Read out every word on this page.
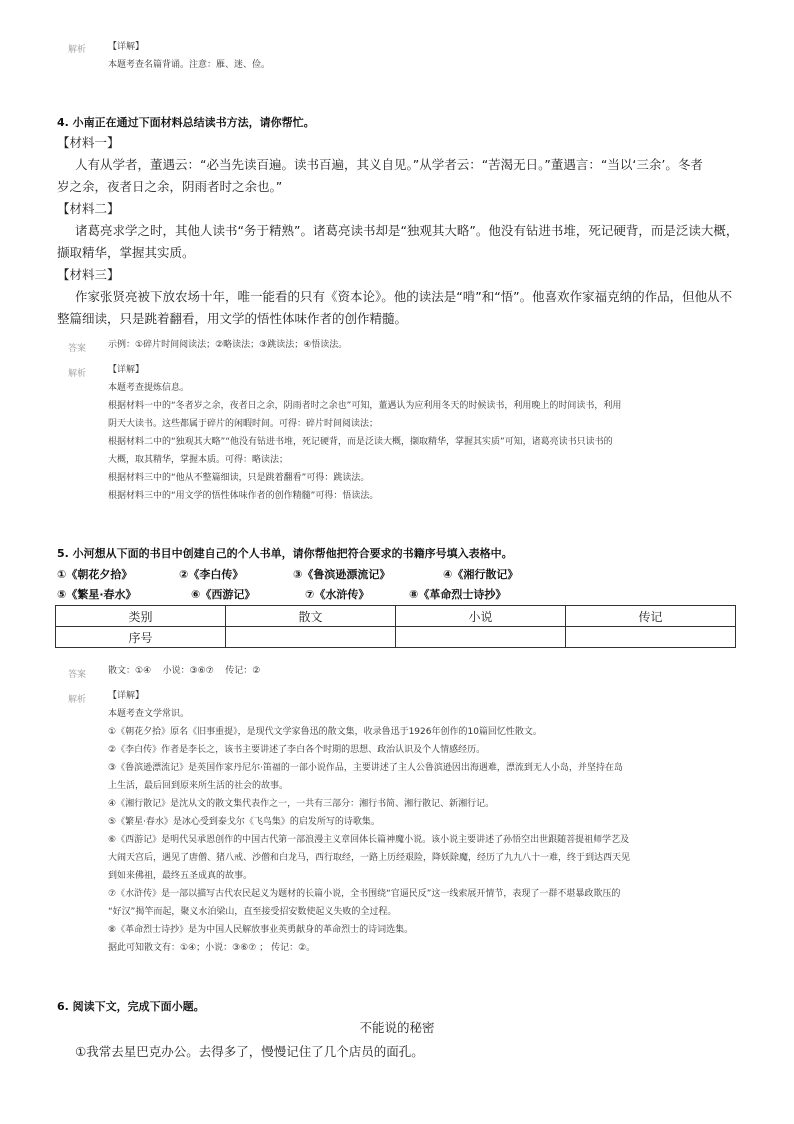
解析 【详解】
本题考查名篇背诵。注意：雁、迷、俭。
4. 小南正在通过下面材料总结读书方法，请你帮忙。
【材料一】
人有从学者，董遇云：“必当先读百遍。读书百遍，其义自见。”从学者云：“苦渴无日。”董遇言：“当以‘三余’。冬者
岁之余，夜者日之余，阴雨者时之余也。”
【材料二】
诸葛亮求学之时，其他人读书“务于精熟”。诸葛亮读书却是“独观其大略”。他没有钻进书堆，死记硬背，而是泛读大概，
撷取精华，掌握其实质。
【材料三】
作家张贤亮被下放农场十年，唯一能看的只有《资本论》。他的读法是“啃”和“悟”。他喜欢作家福克纳的作品，但他从不
整篇细读，只是跳着翻看，用文学的悟性体味作者的创作精髓。
答案 示例：①碎片时间阅读法；②略读法；③跳读法；④悟读法。
解析 【详解】
本题考查提炼信息。
根据材料一中的“冬者岁之余，夜者日之余，阴雨者时之余也”可知，董遇认为应利用冬天的时候读书，利用晚上的时间读书，利用
阴天大读书。这些都属于碎片的闲暇时间。可得：碎片时间阅读法；
根据材料二中的“独观其大略”“他没有钻进书堆，死记硬背，而是泛读大概，撷取精华，掌握其实质”可知，诸葛亮读书只读书的
大概，取其精华，掌握本质。可得：略读法；
根据材料三中的“他从不整篇细读，只是跳着翻看”可得：跳读法。
根据材料三中的“用文学的悟性体味作者的创作精髓”可得：悟读法。
5. 小河想从下面的书目中创建自己的个人书单，请你帮他把符合要求的书籍序号填入表格中。
①《朝花夕拾》	②《李白传》	③《鲁滨逊漂流记》	④《湘行散记》
⑤《繁星·春水》	⑥《西游记》	⑦《水浒传》	⑧《革命烈士诗抄》
类别	散文	小说	传记
序号			
答案 散文：①④    小说：③⑥⑦    传记：②
解析 【详解】
本题考查文学常识。
①《朝花夕拾》原名《旧事重提》，是现代文学家鲁迅的散文集，收录鲁迅于1926年创作的10篇回忆性散文。
②《李白传》作者是李长之，该书主要讲述了李白各个时期的思想、政治认识及个人情感经历。
③《鲁滨逊漂流记》是英国作家丹尼尔·笛福的一部小说作品，主要讲述了主人公鲁滨逊因出海遇难，漂流到无人小岛，并坚持在岛
上生活，最后回到原来所生活的社会的故事。
④《湘行散记》是沈从文的散文集代表作之一，一共有三部分：湘行书简、湘行散记、新湘行记。
⑤《繁星·春水》是冰心受到泰戈尔《飞鸟集》的启发所写的诗歌集。
⑥《西游记》是明代吴承恩创作的中国古代第一部浪漫主义章回体长篇神魔小说。该小说主要讲述了孙悟空出世跟随菩提祖师学艺及
大闹天宫后，遇见了唐僧、猪八戒、沙僧和白龙马，西行取经，一路上历经艰险，降妖除魔，经历了九九八十一难，终于到达西天见
到如来佛祖，最终五圣成真的故事。
⑦《水浒传》是一部以描写古代农民起义为题材的长篇小说，全书围绕“官逼民反”这一线索展开情节，表现了一群不堪暴政欺压的
“好汉”揭竿而起，聚义水泊梁山，直至接受招安数使起义失败的全过程。
⑧《革命烈士诗抄》是为中国人民解放事业英勇献身的革命烈士的诗词选集。
据此可知散文有：①④；小说：③⑥⑦ ； 传记：②。
6. 阅读下文，完成下面小题。
不能说的秘密
①我常去星巴克办公。去得多了，慢慢记住了几个店员的面孔。
